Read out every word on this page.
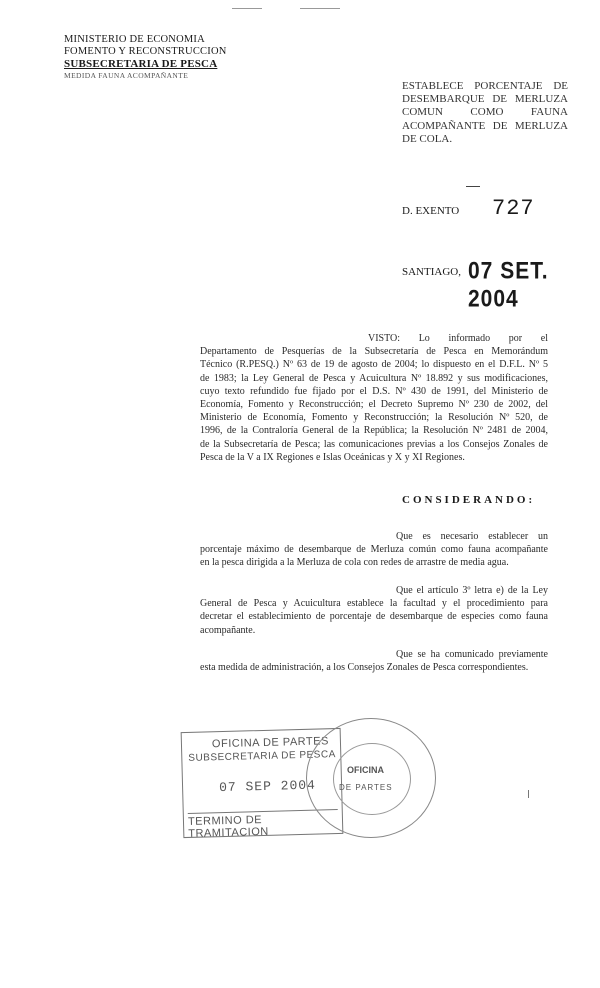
MINISTERIO DE ECONOMIA
FOMENTO Y RECONSTRUCCION
SUBSECRETARIA DE PESCA
MEDIDA FAUNA ACOMPAÑANTE
ESTABLECE PORCENTAJE DE
DESEMBARQUE DE MERLUZA
COMUN COMO FAUNA
ACOMPAÑANTE DE MERLUZA
DE COLA.
D. EXENTO 727
SANTIAGO, 07 SET. 2004
VISTO: Lo informado por el
Departamento de Pesquerías de la Subsecretaría de Pesca en Memorándum
Técnico (R.PESQ.) Nº 63 de 19 de agosto de 2004; lo dispuesto en el D.F.L. Nº 5
de 1983; la Ley General de Pesca y Acuicultura Nº 18.892 y sus modificaciones,
cuyo texto refundido fue fijado por el D.S. Nº 430 de 1991, del Ministerio de
Economía, Fomento y Reconstrucción; el Decreto Supremo Nº 230 de 2002, del
Ministerio de Economía, Fomento y Reconstrucción; la Resolución Nº 520, de
1996, de la Contraloría General de la República; la Resolución Nº 2481 de 2004,
de la Subsecretaría de Pesca; las comunicaciones previas a los Consejos Zonales de
Pesca de la V a IX Regiones e Islas Oceánicas y X y XI Regiones.
CONSIDERANDO:
Que es necesario establecer un
porcentaje máximo de desembarque de Merluza común como fauna acompañante
en la pesca dirigida a la Merluza de cola con redes de arrastre de media agua.
Que el artículo 3º letra e) de la Ley
General de Pesca y Acuicultura establece la facultad y el procedimiento para
decretar el establecimiento de porcentaje de desembarque de especies como fauna
acompañante.
Que se ha comunicado previamente
esta medida de administración, a los Consejos Zonales de Pesca correspondientes.
OFICINA DE PARTES
SUBSECRETARIA DE PESCA
07 SEP 2004
TERMINO DE TRAMITACION
OFICINA
DE PARTES
